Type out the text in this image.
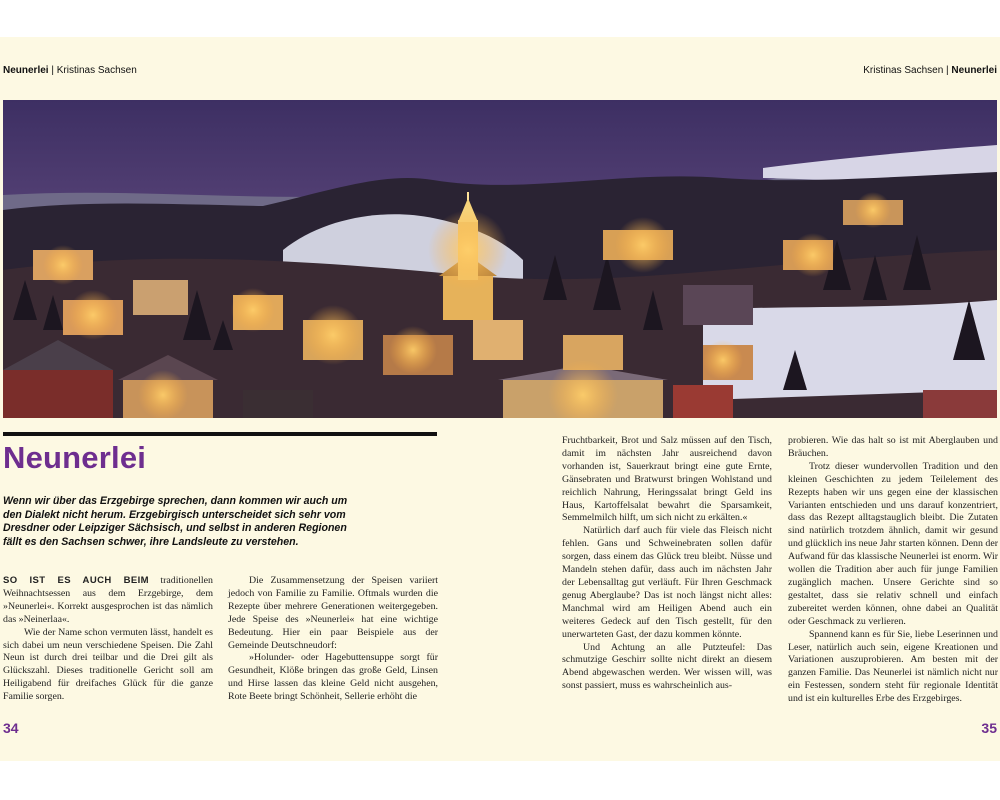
Neunerlei | Kristinas Sachsen	Kristinas Sachsen | Neunerlei
Neunerlei
Wenn wir über das Erzgebirge sprechen, dann kommen wir auch um den Dialekt nicht herum. Erzgebirgisch unterscheidet sich sehr vom Dresdner oder Leipziger Sächsisch, und selbst in anderen Regionen fällt es den Sachsen schwer, ihre Landsleute zu verstehen.

SO IST ES AUCH BEIM traditionellen Weihnachtsessen aus dem Erzgebirge, dem »Neunerlei«. Korrekt ausgesprochen ist das nämlich das »Neinerlaa«.

Wie der Name schon vermuten lässt, handelt es sich dabei um neun verschiedene Speisen. Die Zahl Neun ist durch drei teilbar und die Drei gilt als Glückszahl. Dieses traditionelle Gericht soll am Heiligabend für dreifaches Glück für die ganze Familie sorgen.

Die Zusammensetzung der Speisen variiert jedoch von Familie zu Familie. Oftmals wurden die Rezepte über mehrere Generationen weitergegeben. Jede Speise des »Neunerlei« hat eine wichtige Bedeutung. Hier ein paar Beispiele aus der Gemeinde Deutschneudorf:

»Holunder- oder Hagebuttensuppe sorgt für Gesundheit, Klöße bringen das große Geld, Linsen und Hirse lassen das kleine Geld nicht ausgehen, Rote Beete bringt Schönheit, Sellerie erhöht die

Fruchtbarkeit, Brot und Salz müssen auf den Tisch, damit im nächsten Jahr ausreichend davon vorhanden ist, Sauerkraut bringt eine gute Ernte, Gänsebraten und Bratwurst bringen Wohlstand und reichlich Nahrung, Heringssalat bringt Geld ins Haus, Kartoffelsalat bewahrt die Sparsamkeit, Semmelmilch hilft, um sich nicht zu erkälten.«

Natürlich darf auch für viele das Fleisch nicht fehlen. Gans und Schweinebraten sollen dafür sorgen, dass einem das Glück treu bleibt. Nüsse und Mandeln stehen dafür, dass auch im nächsten Jahr der Lebensalltag gut verläuft. Für Ihren Geschmack genug Aberglaube? Das ist noch längst nicht alles: Manchmal wird am Heiligen Abend auch ein weiteres Gedeck auf den Tisch gestellt, für den unerwarteten Gast, der dazu kommen könnte.

Und Achtung an alle Putzteufel: Das schmutzige Geschirr sollte nicht direkt an diesem Abend abgewaschen werden. Wer wissen will, was sonst passiert, muss es wahrscheinlich aus-

probieren. Wie das halt so ist mit Aberglauben und Bräuchen.

Trotz dieser wundervollen Tradition und den kleinen Geschichten zu jedem Teilelement des Rezepts haben wir uns gegen eine der klassischen Varianten entschieden und uns darauf konzentriert, dass das Rezept alltagstauglich bleibt. Die Zutaten sind natürlich trotzdem ähnlich, damit wir gesund und glücklich ins neue Jahr starten können. Denn der Aufwand für das klassische Neunerlei ist enorm. Wir wollen die Tradition aber auch für junge Familien zugänglich machen. Unsere Gerichte sind so gestaltet, dass sie relativ schnell und einfach zubereitet werden können, ohne dabei an Qualität oder Geschmack zu verlieren.

Spannend kann es für Sie, liebe Leserinnen und Leser, natürlich auch sein, eigene Kreationen und Variationen auszuprobieren. Am besten mit der ganzen Familie. Das Neunerlei ist nämlich nicht nur ein Festessen, sondern steht für regionale Identität und ist ein kulturelles Erbe des Erzgebirges.

34	35
